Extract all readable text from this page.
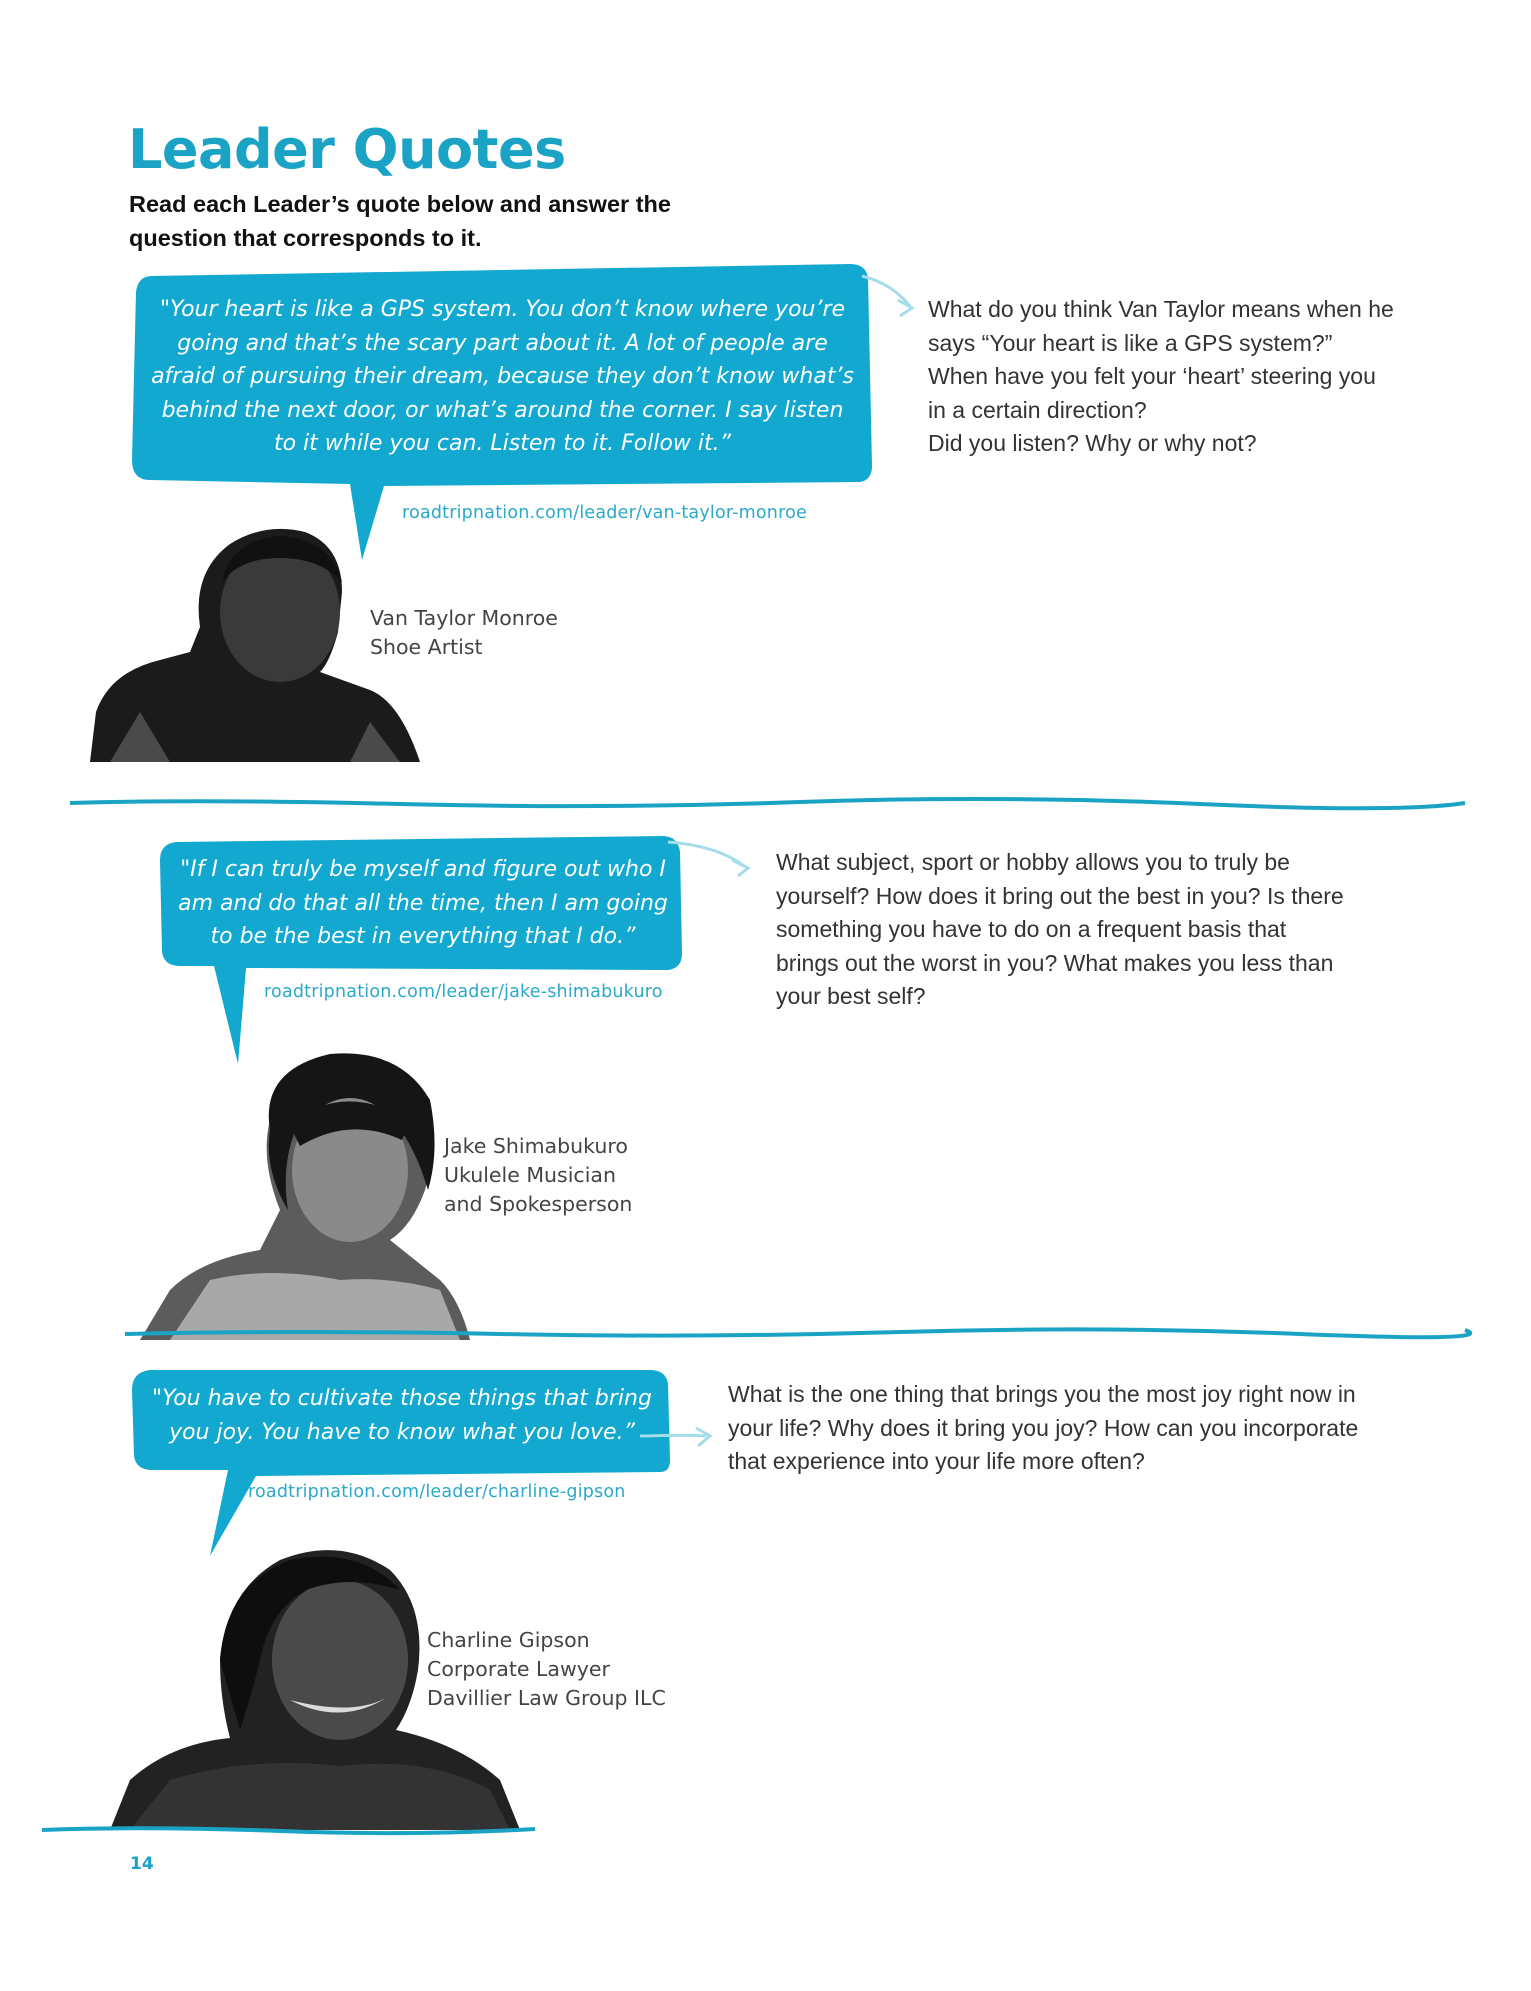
Leader Quotes
Read each Leader’s quote below and answer the question that corresponds to it.
"Your heart is like a GPS system. You don’t know where you’re going and that’s the scary part about it. A lot of people are afraid of pursuing their dream, because they don’t know what’s behind the next door, or what’s around the corner. I say listen to it while you can. Listen to it. Follow it.”
roadtripnation.com/leader/van-taylor-monroe
What do you think Van Taylor means when he says “Your heart is like a GPS system?” When have you felt your ‘heart’ steering you in a certain direction?
Did you listen? Why or why not?
Van Taylor Monroe
Shoe Artist
"If I can truly be myself and figure out who I am and do that all the time, then I am going to be the best in everything that I do.”
roadtripnation.com/leader/jake-shimabukuro
What subject, sport or hobby allows you to truly be yourself? How does it bring out the best in you? Is there something you have to do on a frequent basis that brings out the worst in you? What makes you less than your best self?
Jake Shimabukuro
Ukulele Musician
and Spokesperson
"You have to cultivate those things that bring you joy. You have to know what you love.”
roadtripnation.com/leader/charline-gipson
What is the one thing that brings you the most joy right now in your life? Why does it bring you joy? How can you incorporate that experience into your life more often?
Charline Gipson
Corporate Lawyer
Davillier Law Group ILC
14
